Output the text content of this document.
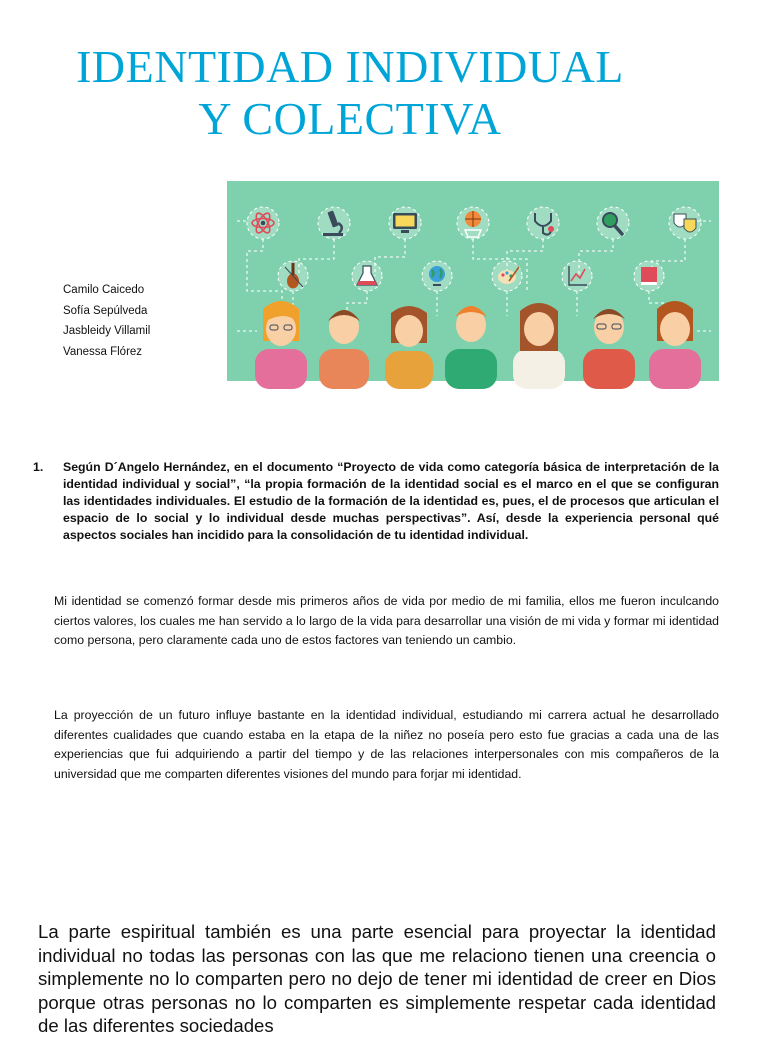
IDENTIDAD INDIVIDUAL
Y COLECTIVA
Camilo Caicedo
Sofía Sepúlveda
Jasbleidy Villamil
Vanessa Flórez
1. Según D´Angelo Hernández, en el documento “Proyecto de vida como categoría básica de interpretación de la identidad individual y social”, “la propia formación de la identidad social es el marco en el que se configuran las identidades individuales. El estudio de la formación de la identidad es, pues, el de procesos que articulan el espacio de lo social y lo individual desde muchas perspectivas”. Así, desde la experiencia personal qué aspectos sociales han incidido para la consolidación de tu identidad individual.
Mi identidad se comenzó formar desde mis primeros años de vida por medio de mi familia, ellos me fueron inculcando ciertos valores, los cuales me han servido a lo largo de la vida para desarrollar una visión de mi vida y formar mi identidad como persona, pero claramente cada uno de estos factores van teniendo un cambio.
La proyección de un futuro influye bastante en la identidad individual, estudiando mi carrera actual he desarrollado diferentes cualidades que cuando estaba en la etapa de la niñez no poseía pero esto fue gracias a cada una de las experiencias que fui adquiriendo a partir del tiempo y de las relaciones interpersonales con mis compañeros de la universidad que me comparten diferentes visiones del mundo para forjar mi identidad.
La parte espiritual también es una parte esencial para proyectar la identidad individual no todas las personas con las que me relaciono tienen una creencia o simplemente no lo comparten pero no dejo de tener mi identidad de creer en Dios porque otras personas no lo comparten es simplemente respetar cada identidad de las diferentes sociedades
